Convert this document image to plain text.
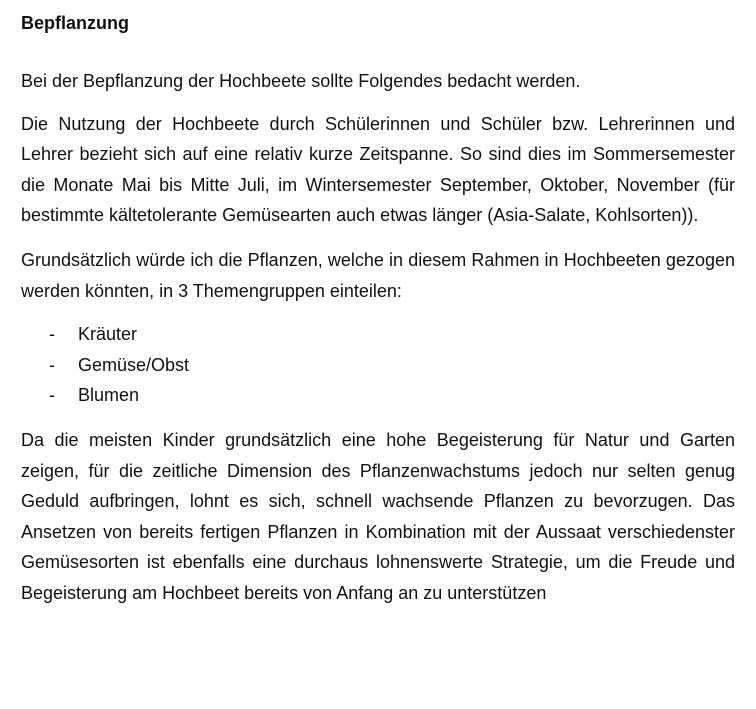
Bepflanzung

Bei der Bepflanzung der Hochbeete sollte Folgendes bedacht werden.

Die Nutzung der Hochbeete durch Schülerinnen und Schüler bzw. Lehrerinnen und Lehrer bezieht sich auf eine relativ kurze Zeitspanne. So sind dies im Sommersemester die Monate Mai bis Mitte Juli, im Wintersemester September, Oktober, November (für bestimmte kältetolerante Gemüsearten auch etwas länger (Asia-Salate, Kohlsorten)).

Grundsätzlich würde ich die Pflanzen, welche in diesem Rahmen in Hochbeeten gezogen werden könnten, in 3 Themengruppen einteilen:

-	Kräuter
-	Gemüse/Obst
-	Blumen

Da die meisten Kinder grundsätzlich eine hohe Begeisterung für Natur und Garten zeigen, für die zeitliche Dimension des Pflanzenwachstums jedoch nur selten genug Geduld aufbringen, lohnt es sich, schnell wachsende Pflanzen zu bevorzugen. Das Ansetzen von bereits fertigen Pflanzen in Kombination mit der Aussaat verschiedenster Gemüsesorten ist ebenfalls eine durchaus lohnenswerte Strategie, um die Freude und Begeisterung am Hochbeet bereits von Anfang an zu unterstützen
